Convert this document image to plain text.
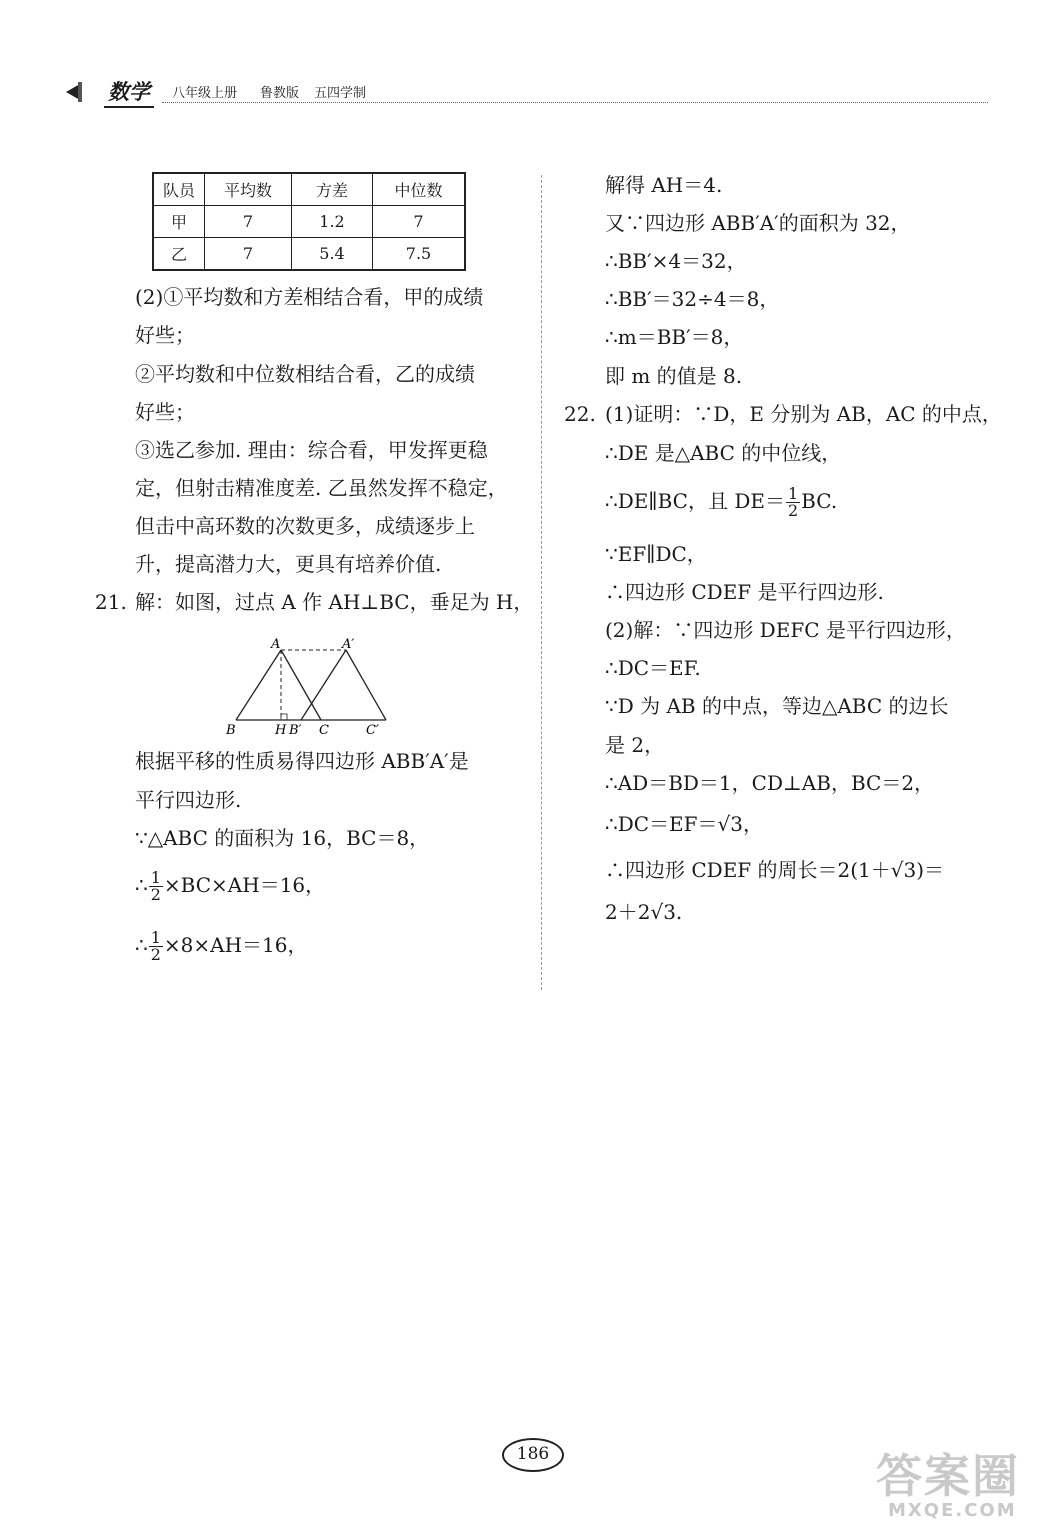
数学	八年级上册 鲁教版 五四学制
队员	平均数	方差	中位数
甲	7	1.2	7
乙	7	5.4	7.5
(2)①平均数和方差相结合看，甲的成绩
好些；
②平均数和中位数相结合看，乙的成绩
好些；
③选乙参加. 理由：综合看，甲发挥更稳
定，但射击精准度差. 乙虽然发挥不稳定，
但击中高环数的次数更多，成绩逐步上
升，提高潜力大，更具有培养价值.
21. 解：如图，过点 A 作 AH⊥BC，垂足为 H，
A	A′
B	H B′ C	C′
根据平移的性质易得四边形 ABB′A′是
平行四边形.
∵△ABC 的面积为 16，BC＝8，
∴ $\frac{1}{2} \times BC\times AH=16$，
∴ $\frac{1}{2} \times 8\times AH=16$，
解得 AH＝4.
又∵四边形 ABB′A′的面积为 32，
∴BB′×4＝32，
∴BB′＝32÷4＝8，
∴m＝BB′＝8，
即 m 的值是 8.
22. (1)证明：∵D，E 分别为 AB，AC 的中点，
∴DE 是△ABC 的中位线，
∴DE∥BC，且 $DE= \frac{1}{2}$ BC.
∵EF∥DC，
∴四边形 CDEF 是平行四边形.
(2)解：∵四边形 DEFC 是平行四边形，
∴DC＝EF.
∵D 为 AB 的中点，等边△ABC 的边长
是 2，
∴AD＝BD＝1，CD⊥AB，BC＝2，
∴DC＝EF＝√3，
∴四边形 CDEF 的周长＝2(1＋√3)＝
2＋2√3.
186	答案圈
MXQE.COM
